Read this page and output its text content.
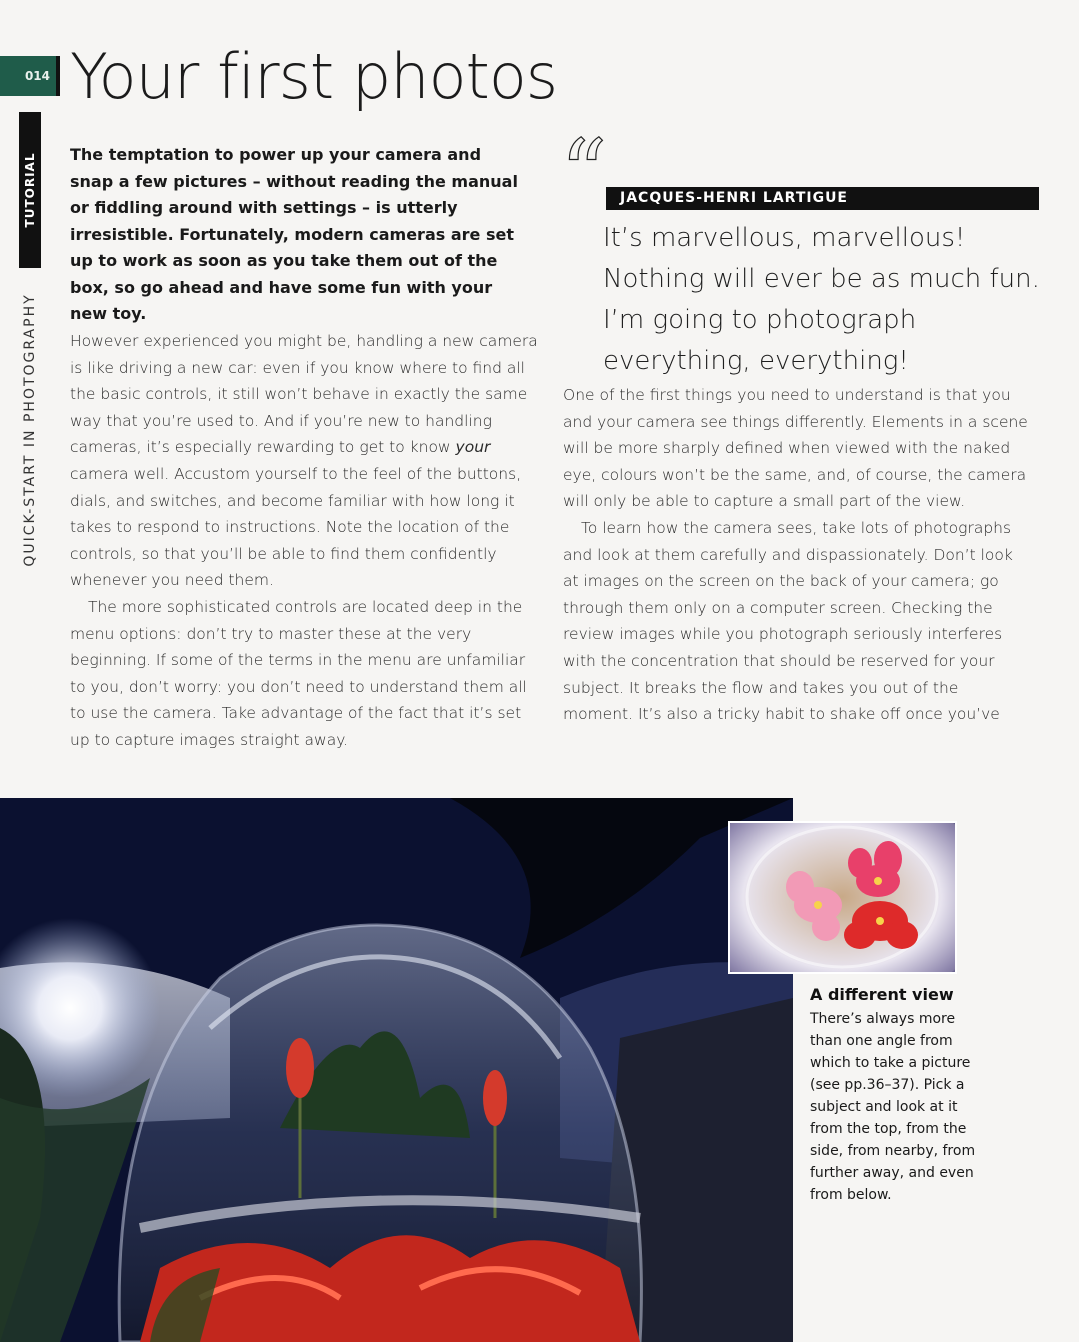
014 Your first photos
TUTORIAL
QUICK-START IN PHOTOGRAPHY

The temptation to power up your camera and snap a few pictures – without reading the manual or fiddling around with settings – is utterly irresistible. Fortunately, modern cameras are set up to work as soon as you take them out of the box, so go ahead and have some fun with your new toy.

However experienced you might be, handling a new camera is like driving a new car: even if you know where to find all the basic controls, it still won’t behave in exactly the same way that you’re used to. And if you’re new to handling cameras, it’s especially rewarding to get to know your camera well. Accustom yourself to the feel of the buttons, dials, and switches, and become familiar with how long it takes to respond to instructions. Note the location of the controls, so that you’ll be able to find them confidently whenever you need them.

The more sophisticated controls are located deep in the menu options: don’t try to master these at the very beginning. If some of the terms in the menu are unfamiliar to you, don’t worry: you don’t need to understand them all to use the camera. Take advantage of the fact that it’s set up to capture images straight away.

“	JACQUES-HENRI LARTIGUE

It’s marvellous, marvellous! Nothing will ever be as much fun. I’m going to photograph everything, everything!

One of the first things you need to understand is that you and your camera see things differently. Elements in a scene will be more sharply defined when viewed with the naked eye, colours won’t be the same, and, of course, the camera will only be able to capture a small part of the view.

To learn how the camera sees, take lots of photographs and look at them carefully and dispassionately. Don’t look at images on the screen on the back of your camera; go through them only on a computer screen. Checking the review images while you photograph seriously interferes with the concentration that should be reserved for your subject. It breaks the flow and takes you out of the moment. It’s also a tricky habit to shake off once you’ve

A different view

There’s always more than one angle from which to take a picture (see pp.36–37). Pick a subject and look at it from the top, from the side, from nearby, from further away, and even from below.
